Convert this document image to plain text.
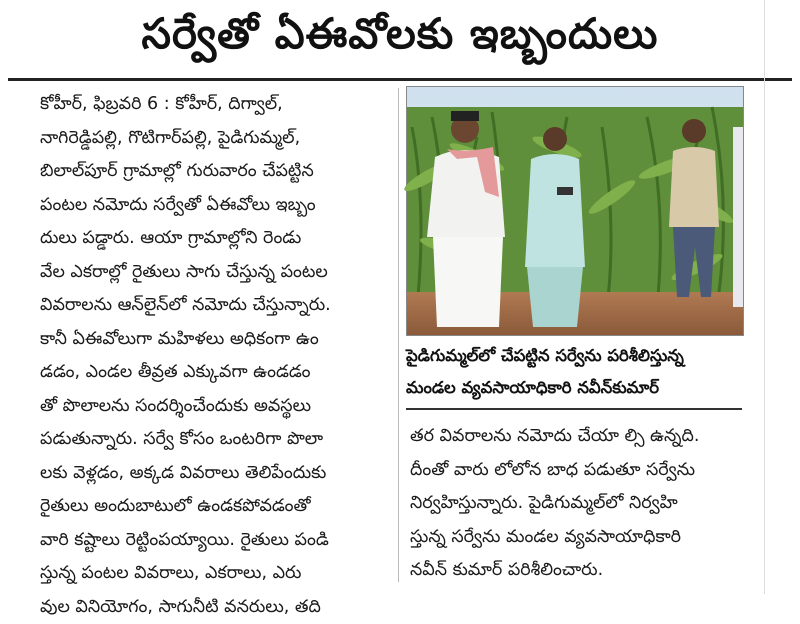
సర్వేతో ఏఈవోలకు ఇబ్బందులు
కోహీర్‌, ఫిబ్రవరి 6 : కోహీర్‌, దిగ్వాల్‌,
నాగిరెడ్డిపల్లి, గొటిగార్‌పల్లి, పైడిగుమ్మల్‌,
బిలాల్‌పూర్‌ గ్రామాల్లో గురువారం చేపట్టిన
పంటల నమోదు సర్వేతో ఏఈవోలు ఇబ్బం
దులు పడ్డారు. ఆయా గ్రామాల్లోని రెండు
వేల ఎకరాల్లో రైతులు సాగు చేస్తున్న పంటల
వివరాలను ఆన్‌లైన్‌లో నమోదు చేస్తున్నారు.
కానీ ఏఈవోలుగా మహిళలు అధికంగా ఉం
డడం, ఎండల తీవ్రత ఎక్కువగా ఉండడం
తో పొలాలను సందర్శించేందుకు అవస్థలు
పడుతున్నారు. సర్వే కోసం ఒంటరిగా పొలా
లకు వెళ్లడం, అక్కడ వివరాలు తెలిపేందుకు
రైతులు అందుబాటులో ఉండకపోవడంతో
వారి కష్టాలు రెట్టింపయ్యాయి. రైతులు పండి
స్తున్న పంటల వివరాలు, ఎకరాలు, ఎరు
వుల వినియోగం, సాగునీటి వనరులు, తది
పైడిగుమ్మల్‌లో చేపట్టిన సర్వేను పరిశీలిస్తున్న
మండల వ్యవసాయాధికారి నవీన్‌కుమార్‌
తర వివరాలను నమోదు చేయా ల్సి ఉన్నది.
దీంతో వారు లోలోన బాధ పడుతూ సర్వేను
నిర్వహిస్తున్నారు. పైడిగుమ్మల్‌లో నిర్వహి
స్తున్న సర్వేను మండల వ్యవసాయాధికారి
నవీన్‌ కుమార్‌ పరిశీలించారు.
